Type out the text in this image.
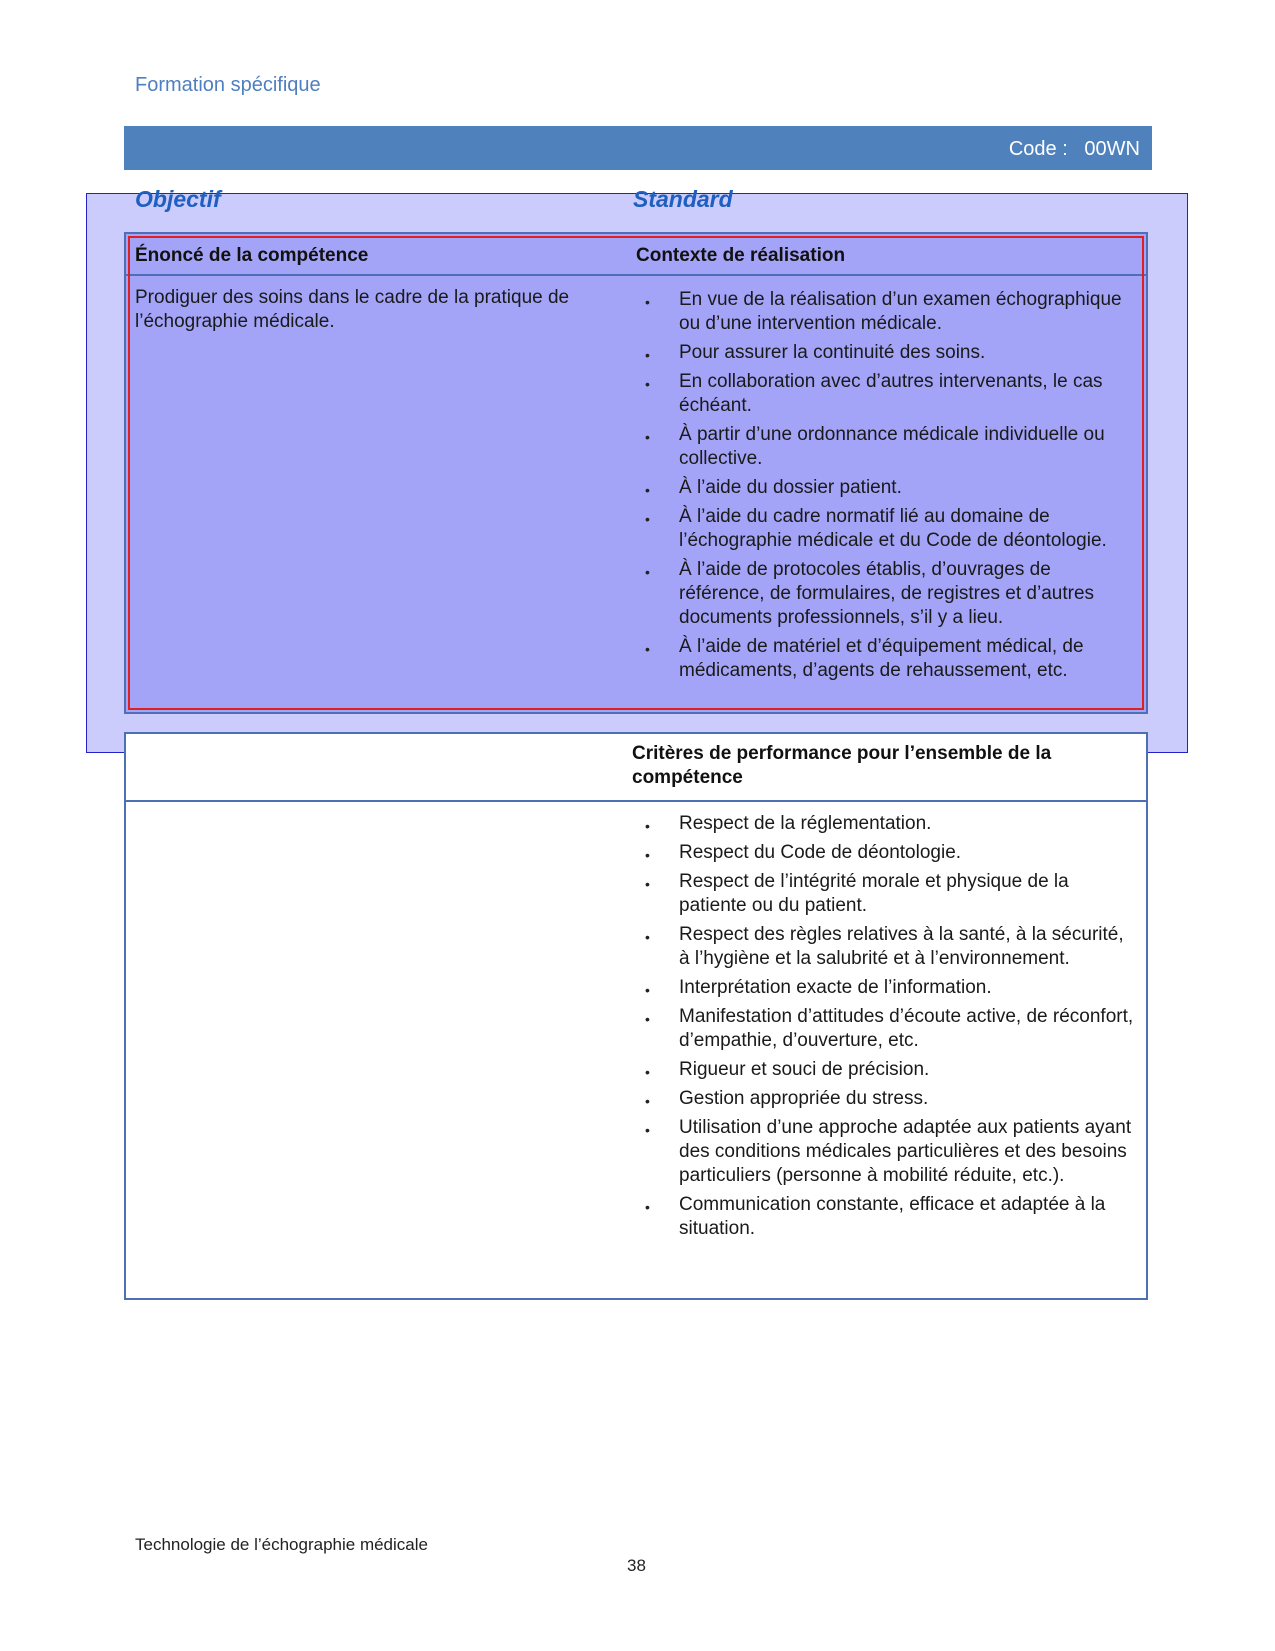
Formation spécifique
Code :   00WN
Objectif	Standard
Énoncé de la compétence	Contexte de réalisation
Prodiguer des soins dans le cadre de la pratique de l’échographie médicale.
• En vue de la réalisation d’un examen échographique ou d’une intervention médicale.
• Pour assurer la continuité des soins.
• En collaboration avec d’autres intervenants, le cas échéant.
• À partir d’une ordonnance médicale individuelle ou collective.
• À l’aide du dossier patient.
• À l’aide du cadre normatif lié au domaine de l’échographie médicale et du Code de déontologie.
• À l’aide de protocoles établis, d’ouvrages de référence, de formulaires, de registres et d’autres documents professionnels, s’il y a lieu.
• À l’aide de matériel et d’équipement médical, de médicaments, d’agents de rehaussement, etc.
Critères de performance pour l’ensemble de la compétence
• Respect de la réglementation.
• Respect du Code de déontologie.
• Respect de l’intégrité morale et physique de la patiente ou du patient.
• Respect des règles relatives à la santé, à la sécurité, à l’hygiène et la salubrité et à l’environnement.
• Interprétation exacte de l’information.
• Manifestation d’attitudes d’écoute active, de réconfort, d’empathie, d’ouverture, etc.
• Rigueur et souci de précision.
• Gestion appropriée du stress.
• Utilisation d’une approche adaptée aux patients ayant des conditions médicales particulières et des besoins particuliers (personne à mobilité réduite, etc.).
• Communication constante, efficace et adaptée à la situation.
Technologie de l’échographie médicale
38
